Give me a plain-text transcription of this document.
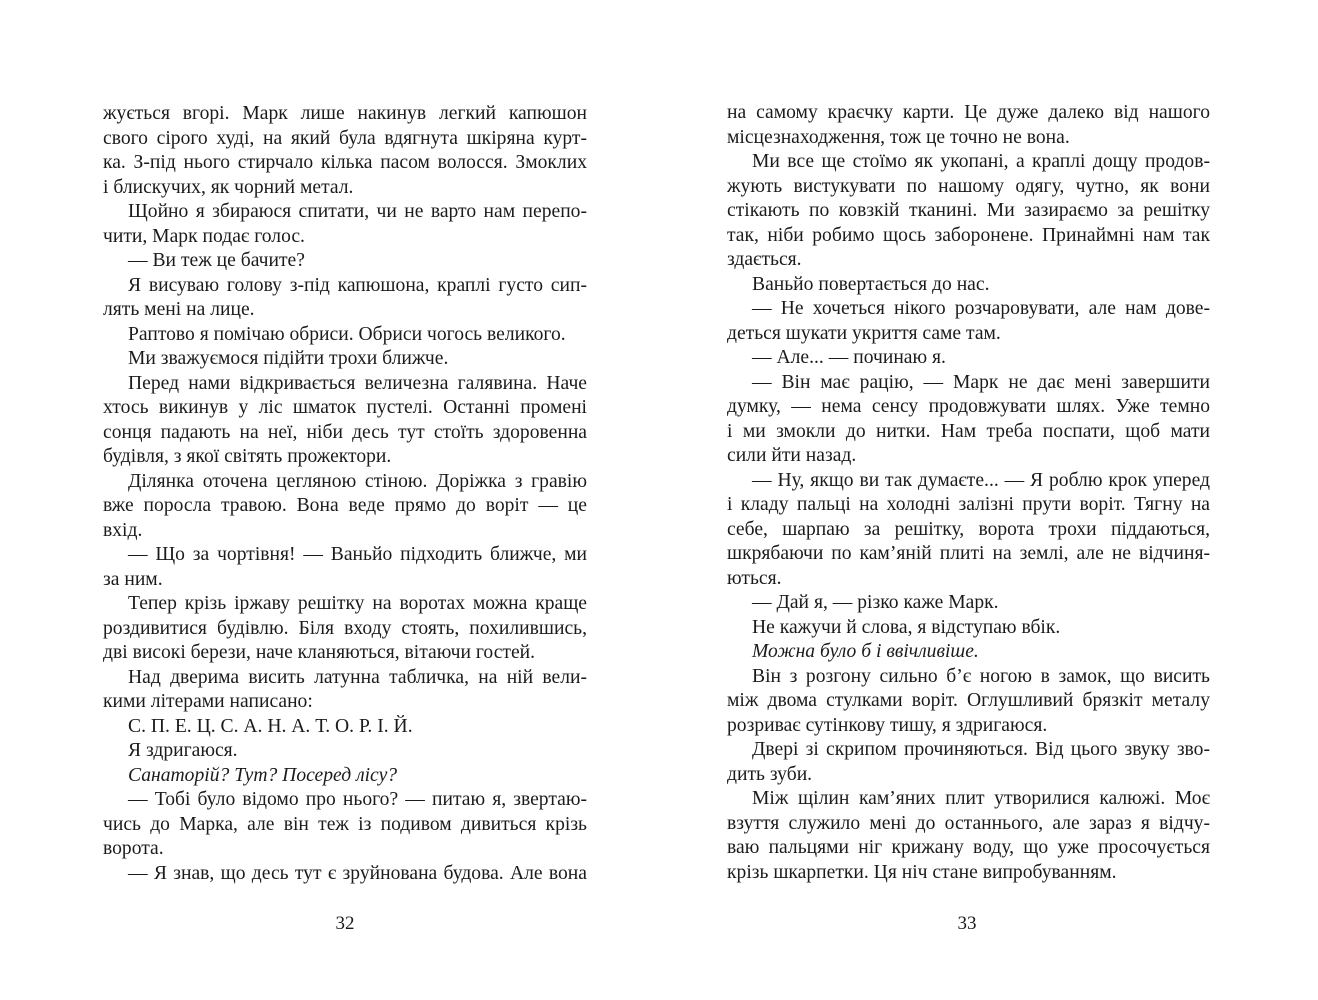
жується вгорі. Марк лише накинув легкий капюшон
свого сірого худі, на який була вдягнута шкіряна курт-
ка. З-під нього стирчало кілька пасом волосся. Змоклих
і блискучих, як чорний метал.
Щойно я збираюся спитати, чи не варто нам перепо-
чити, Марк подає голос.
— Ви теж це бачите?
Я висуваю голову з-під капюшона, краплі густо сип-
лять мені на лице.
Раптово я помічаю обриси. Обриси чогось великого.
Ми зважуємося підійти трохи ближче.
Перед нами відкривається величезна галявина. Наче
хтось викинув у ліс шматок пустелі. Останні промені
сонця падають на неї, ніби десь тут стоїть здоровенна
будівля, з якої світять прожектори.
Ділянка оточена цегляною стіною. Доріжка з гравію
вже поросла травою. Вона веде прямо до воріт — це
вхід.
— Що за чортівня! — Ваньйо підходить ближче, ми
за ним.
Тепер крізь іржаву решітку на воротах можна краще
роздивитися будівлю. Біля входу стоять, похилившись,
дві високі берези, наче кланяються, вітаючи гостей.
Над дверима висить латунна табличка, на ній вели-
кими літерами написано:
С. П. Е. Ц. С. А. Н. А. Т. О. Р. І. Й.
Я здригаюся.
Санаторій? Тут? Посеред лісу?
— Тобі було відомо про нього? — питаю я, звертаю-
чись до Марка, але він теж із подивом дивиться крізь
ворота.
— Я знав, що десь тут є зруйнована будова. Але вона
32
на самому краєчку карти. Це дуже далеко від нашого
місцезнаходження, тож це точно не вона.
Ми все ще стоїмо як укопані, а краплі дощу продов-
жують вистукувати по нашому одягу, чутно, як вони
стікають по ковзкій тканині. Ми зазираємо за решітку
так, ніби робимо щось заборонене. Принаймні нам так
здається.
Ваньйо повертається до нас.
— Не хочеться нікого розчаровувати, але нам дове-
деться шукати укриття саме там.
— Але... — починаю я.
— Він має рацію, — Марк не дає мені завершити
думку, — нема сенсу продовжувати шлях. Уже темно
і ми змокли до нитки. Нам треба поспати, щоб мати
сили йти назад.
— Ну, якщо ви так думаєте... — Я роблю крок уперед
і кладу пальці на холодні залізні прути воріт. Тягну на
себе, шарпаю за решітку, ворота трохи піддаються,
шкрябаючи по кам’яній плиті на землі, але не відчиня-
ються.
— Дай я, — різко каже Марк.
Не кажучи й слова, я відступаю вбік.
Можна було б і ввічливіше.
Він з розгону сильно б’є ногою в замок, що висить
між двома стулками воріт. Оглушливий брязкіт металу
розриває сутінкову тишу, я здригаюся.
Двері зі скрипом прочиняються. Від цього звуку зво-
дить зуби.
Між щілин кам’яних плит утворилися калюжі. Моє
взуття служило мені до останнього, але зараз я відчу-
ваю пальцями ніг крижану воду, що уже просочується
крізь шкарпетки. Ця ніч стане випробуванням.
33
